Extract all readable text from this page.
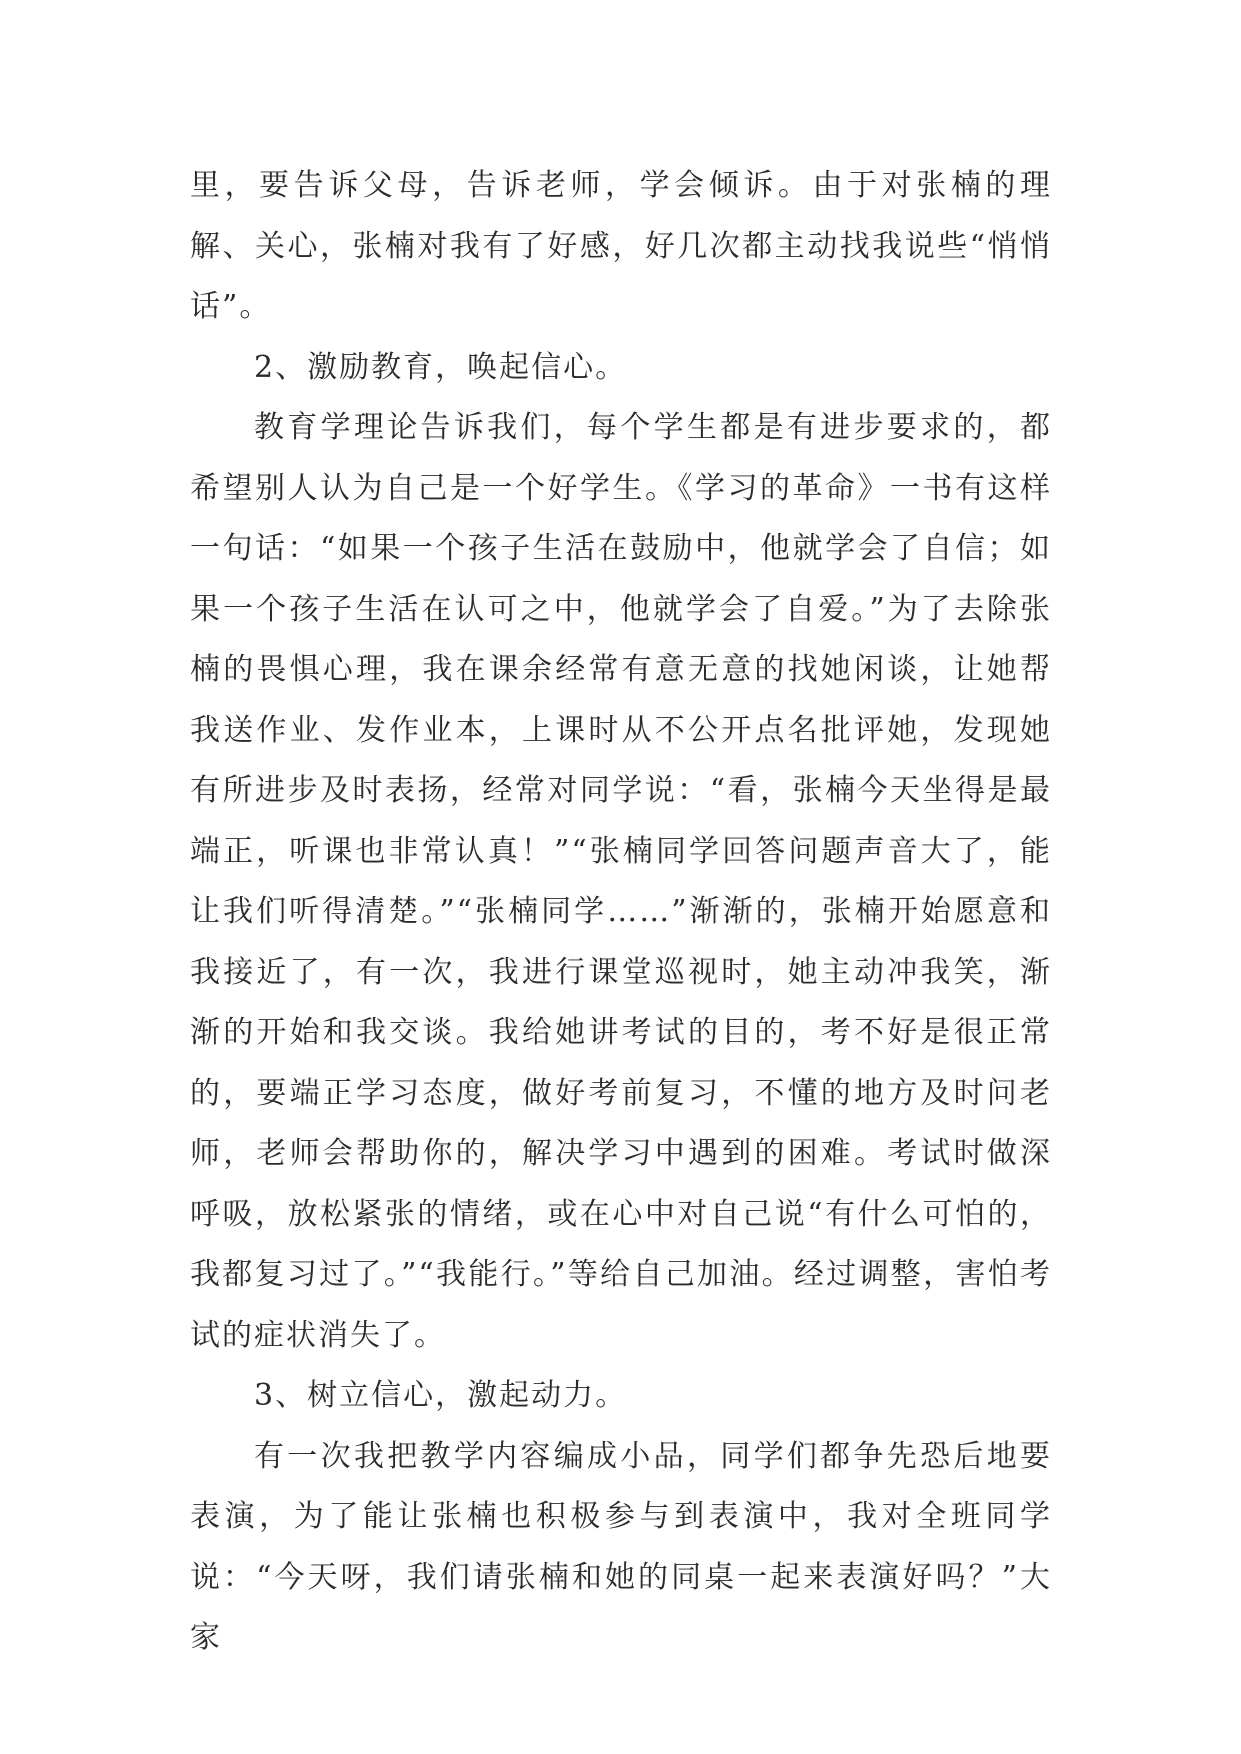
里，要告诉父母，告诉老师，学会倾诉。由于对张楠的理解、关心，张楠对我有了好感，好几次都主动找我说些“悄悄话”。

2、激励教育，唤起信心。

教育学理论告诉我们，每个学生都是有进步要求的，都希望别人认为自己是一个好学生。《学习的革命》一书有这样一句话：“如果一个孩子生活在鼓励中，他就学会了自信；如果一个孩子生活在认可之中，他就学会了自爱。”为了去除张楠的畏惧心理，我在课余经常有意无意的找她闲谈，让她帮我送作业、发作业本，上课时从不公开点名批评她，发现她有所进步及时表扬，经常对同学说：“看，张楠今天坐得是最端正，听课也非常认真！”“张楠同学回答问题声音大了，能让我们听得清楚。”“张楠同学……”渐渐的，张楠开始愿意和我接近了，有一次，我进行课堂巡视时，她主动冲我笑，渐渐的开始和我交谈。我给她讲考试的目的，考不好是很正常的，要端正学习态度，做好考前复习，不懂的地方及时问老师，老师会帮助你的，解决学习中遇到的困难。考试时做深呼吸，放松紧张的情绪，或在心中对自己说“有什么可怕的，我都复习过了。”“我能行。”等给自己加油。经过调整，害怕考试的症状消失了。

3、树立信心，激起动力。

有一次我把教学内容编成小品，同学们都争先恐后地要表演，为了能让张楠也积极参与到表演中，我对全班同学说：“今天呀，我们请张楠和她的同桌一起来表演好吗？”大家
